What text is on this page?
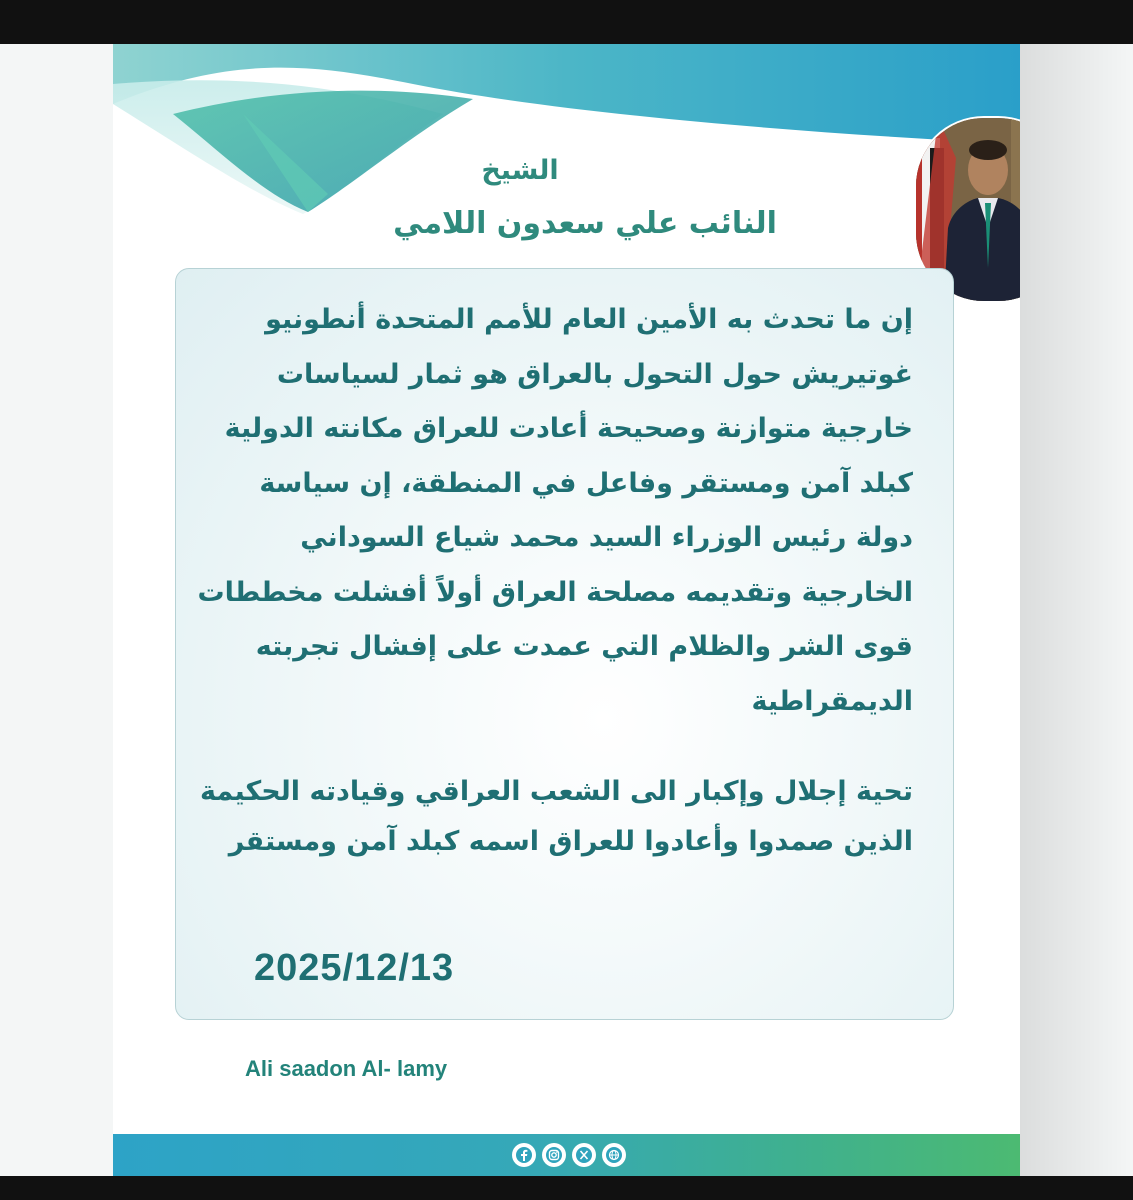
الشيخ
النائب علي سعدون اللامي

إن ما تحدث به الأمين العام للأمم المتحدة أنطونيو غوتيريش حول التحول بالعراق هو ثمار لسياسات خارجية متوازنة وصحيحة أعادت للعراق مكانته الدولية كبلد آمن ومستقر وفاعل في المنطقة، إن سياسة دولة رئيس الوزراء السيد محمد شياع السوداني الخارجية وتقديمه مصلحة العراق أولاً أفشلت مخططات قوى الشر والظلام التي عمدت على إفشال تجربته الديمقراطية

تحية إجلال وإكبار الى الشعب العراقي وقيادته الحكيمة الذين صمدوا وأعادوا للعراق اسمه كبلد آمن ومستقر

2025/12/13
Ali saadon Al- lamy
